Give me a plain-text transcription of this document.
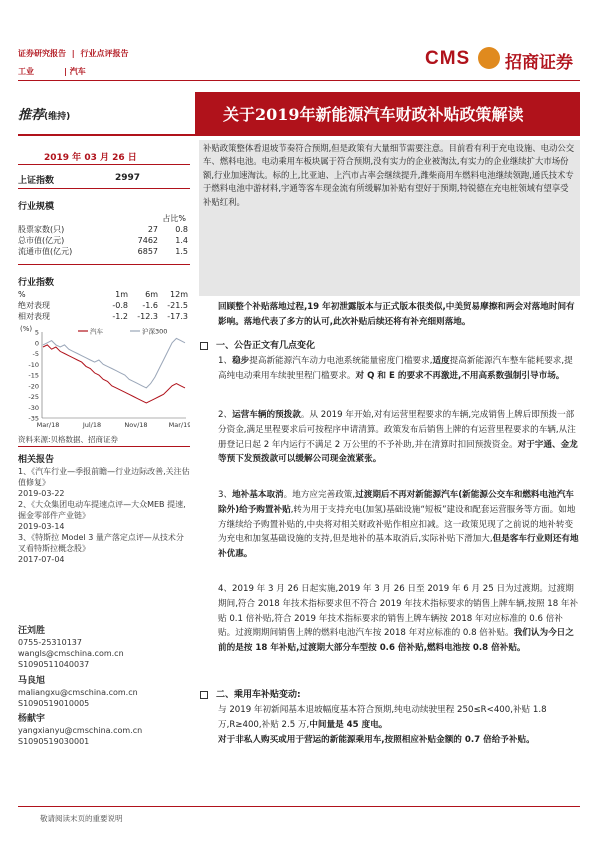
证券研究报告 | 行业点评报告
工业	| 汽车
CMS 招商证券
关于2019年新能源汽车财政补贴政策解读
推荐(维持)
2019 年 03 月 26 日
上证指数	2997
行业规模
占比%
股票家数(只)	27	0.8
总市值(亿元)	7462	1.4
流通市值(亿元)	6857	1.5
行业指数
%	1m	6m	12m
绝对表现	-0.8	-1.6	-21.5
相对表现	-1.2	-12.3	-17.3
(%) 5
0
-5
-10
-15
-20
-25
-30
-35
Mar/18	Jul/18	Nov/18	Mar/19
汽车	沪深300
资料来源:贝格数据、招商证券
相关报告
1、《汽车行业—季报前瞻—行业边际改善,关注估值修复》
2019-03-22
2、《大众集团电动车提速点评—大众MEB 提速,掘金零部件产业链》
2019-03-14
3、《特斯拉 Model 3 量产落定点评—从技术分叉看特斯拉概念股》
2017-07-04
汪刘胜
0755-25310137
wangls@cmschina.com.cn
S1090511040037
马良旭
maliangxu@cmschina.com.cn
S1090519010005
杨献宇
yangxianyu@cmschina.com.cn
S1090519030001
补贴政策整体看退坡节奏符合预期,但是政策有大量细节需要注意。目前看有利于充电设施、电动公交车、燃料电池。电动乘用车板块属于符合预期,没有实力的企业被淘汰,有实力的企业继续扩大市场份额,行业加速淘汰。标的上,比亚迪、上汽市占率会继续提升,潍柴商用车燃料电池继续领跑,通氏技术专于燃料电池中游材料,宇通等客车现金流有所缓解加补贴有望好于预期,特锐德在充电桩领域有望享受补贴红利。
回顾整个补贴落地过程,19 年初泄露版本与正式版本很类似,中美贸易摩擦和两会对落地时间有影响。落地代表了多方的认可,此次补贴后续还将有补充细则落地。
一、公告正文有几点变化
1、稳步提高新能源汽车动力电池系统能量密度门槛要求,适度提高新能源汽车整车能耗要求,提高纯电动乘用车续驶里程门槛要求。对 Q 和 E 的要求不再激进,不用高系数强制引导市场。
2、运营车辆的预拨款。从 2019 年开始,对有运营里程要求的车辆,完成销售上牌后即预拨一部分资金,满足里程要求后可按程序申请清算。政策发布后销售上牌的有运营里程要求的车辆,从注册登记日起 2 年内运行不满足 2 万公里的不予补助,并在清算时扣回预拨资金。对于宇通、金龙等预下发预拨款可以缓解公司现金流紧张。
3、地补基本取消。地方应完善政策,过渡期后不再对新能源汽车(新能源公交车和燃料电池汽车除外)给予购置补贴,转为用于支持充电(加氢)基础设施“短板”建设和配套运营服务等方面。如地方继续给予购置补贴的,中央将对相关财政补贴作相应扣减。这一政策见现了之前说的地补转变为充电和加氢基础设施的支持,但是地补的基本取消后,实际补贴下滑加大,但是客车行业则还有地补优惠。
4、2019 年 3 月 26 日起实施,2019 年 3 月 26 日至 2019 年 6 月 25 日为过渡期。过渡期期间,符合 2018 年技术指标要求但不符合 2019 年技术指标要求的销售上牌车辆,按照 18 年补贴 0.1 倍补贴,符合 2019 年技术指标要求的销售上牌车辆按 2018 年对应标准的 0.6 倍补贴。过渡期期间销售上牌的燃料电池汽车按 2018 年对应标准的 0.8 倍补贴。我们认为今日之前的是按 18 年补贴,过渡期大部分车型按 0.6 倍补贴,燃料电池按 0.8 倍补贴。
二、乘用车补贴变动:
与 2019 年初新闻基本退坡幅度基本符合预期,纯电动续驶里程 250≤R<400,补贴 1.8 万,R≥400,补贴 2.5 万,中间量是 45 度电。
对于非私人购买或用于营运的新能源乘用车,按照相应补贴金额的 0.7 倍给予补贴。
敬请阅读末页的重要说明
